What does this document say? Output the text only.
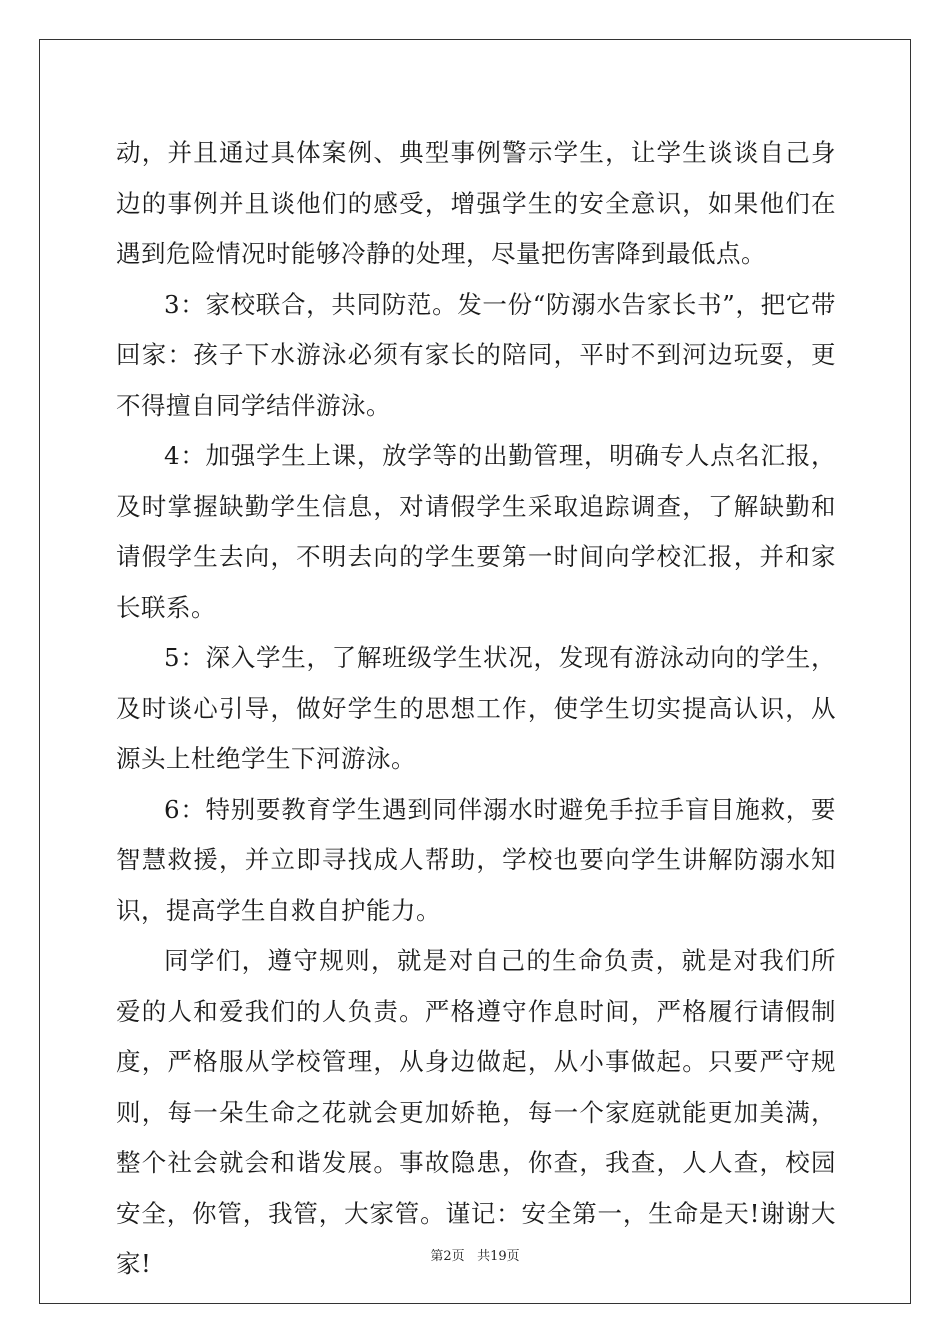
动，并且通过具体案例、典型事例警示学生，让学生谈谈自己身边的事例并且谈他们的感受，增强学生的安全意识，如果他们在遇到危险情况时能够冷静的处理，尽量把伤害降到最低点。

3：家校联合，共同防范。发一份“防溺水告家长书”，把它带回家：孩子下水游泳必须有家长的陪同，平时不到河边玩耍，更不得擅自同学结伴游泳。

4：加强学生上课，放学等的出勤管理，明确专人点名汇报，及时掌握缺勤学生信息，对请假学生采取追踪调查，了解缺勤和请假学生去向，不明去向的学生要第一时间向学校汇报，并和家长联系。

5：深入学生，了解班级学生状况，发现有游泳动向的学生，及时谈心引导，做好学生的思想工作，使学生切实提高认识，从源头上杜绝学生下河游泳。

6：特别要教育学生遇到同伴溺水时避免手拉手盲目施救，要智慧救援，并立即寻找成人帮助，学校也要向学生讲解防溺水知识，提高学生自救自护能力。

同学们，遵守规则，就是对自己的生命负责，就是对我们所爱的人和爱我们的人负责。严格遵守作息时间，严格履行请假制度，严格服从学校管理，从身边做起，从小事做起。只要严守规则，每一朵生命之花就会更加娇艳，每一个家庭就能更加美满，整个社会就会和谐发展。事故隐患，你查，我查，人人查，校园安全，你管，我管，大家管。谨记：安全第一，生命是天!谢谢大家!	第2页 共19页
